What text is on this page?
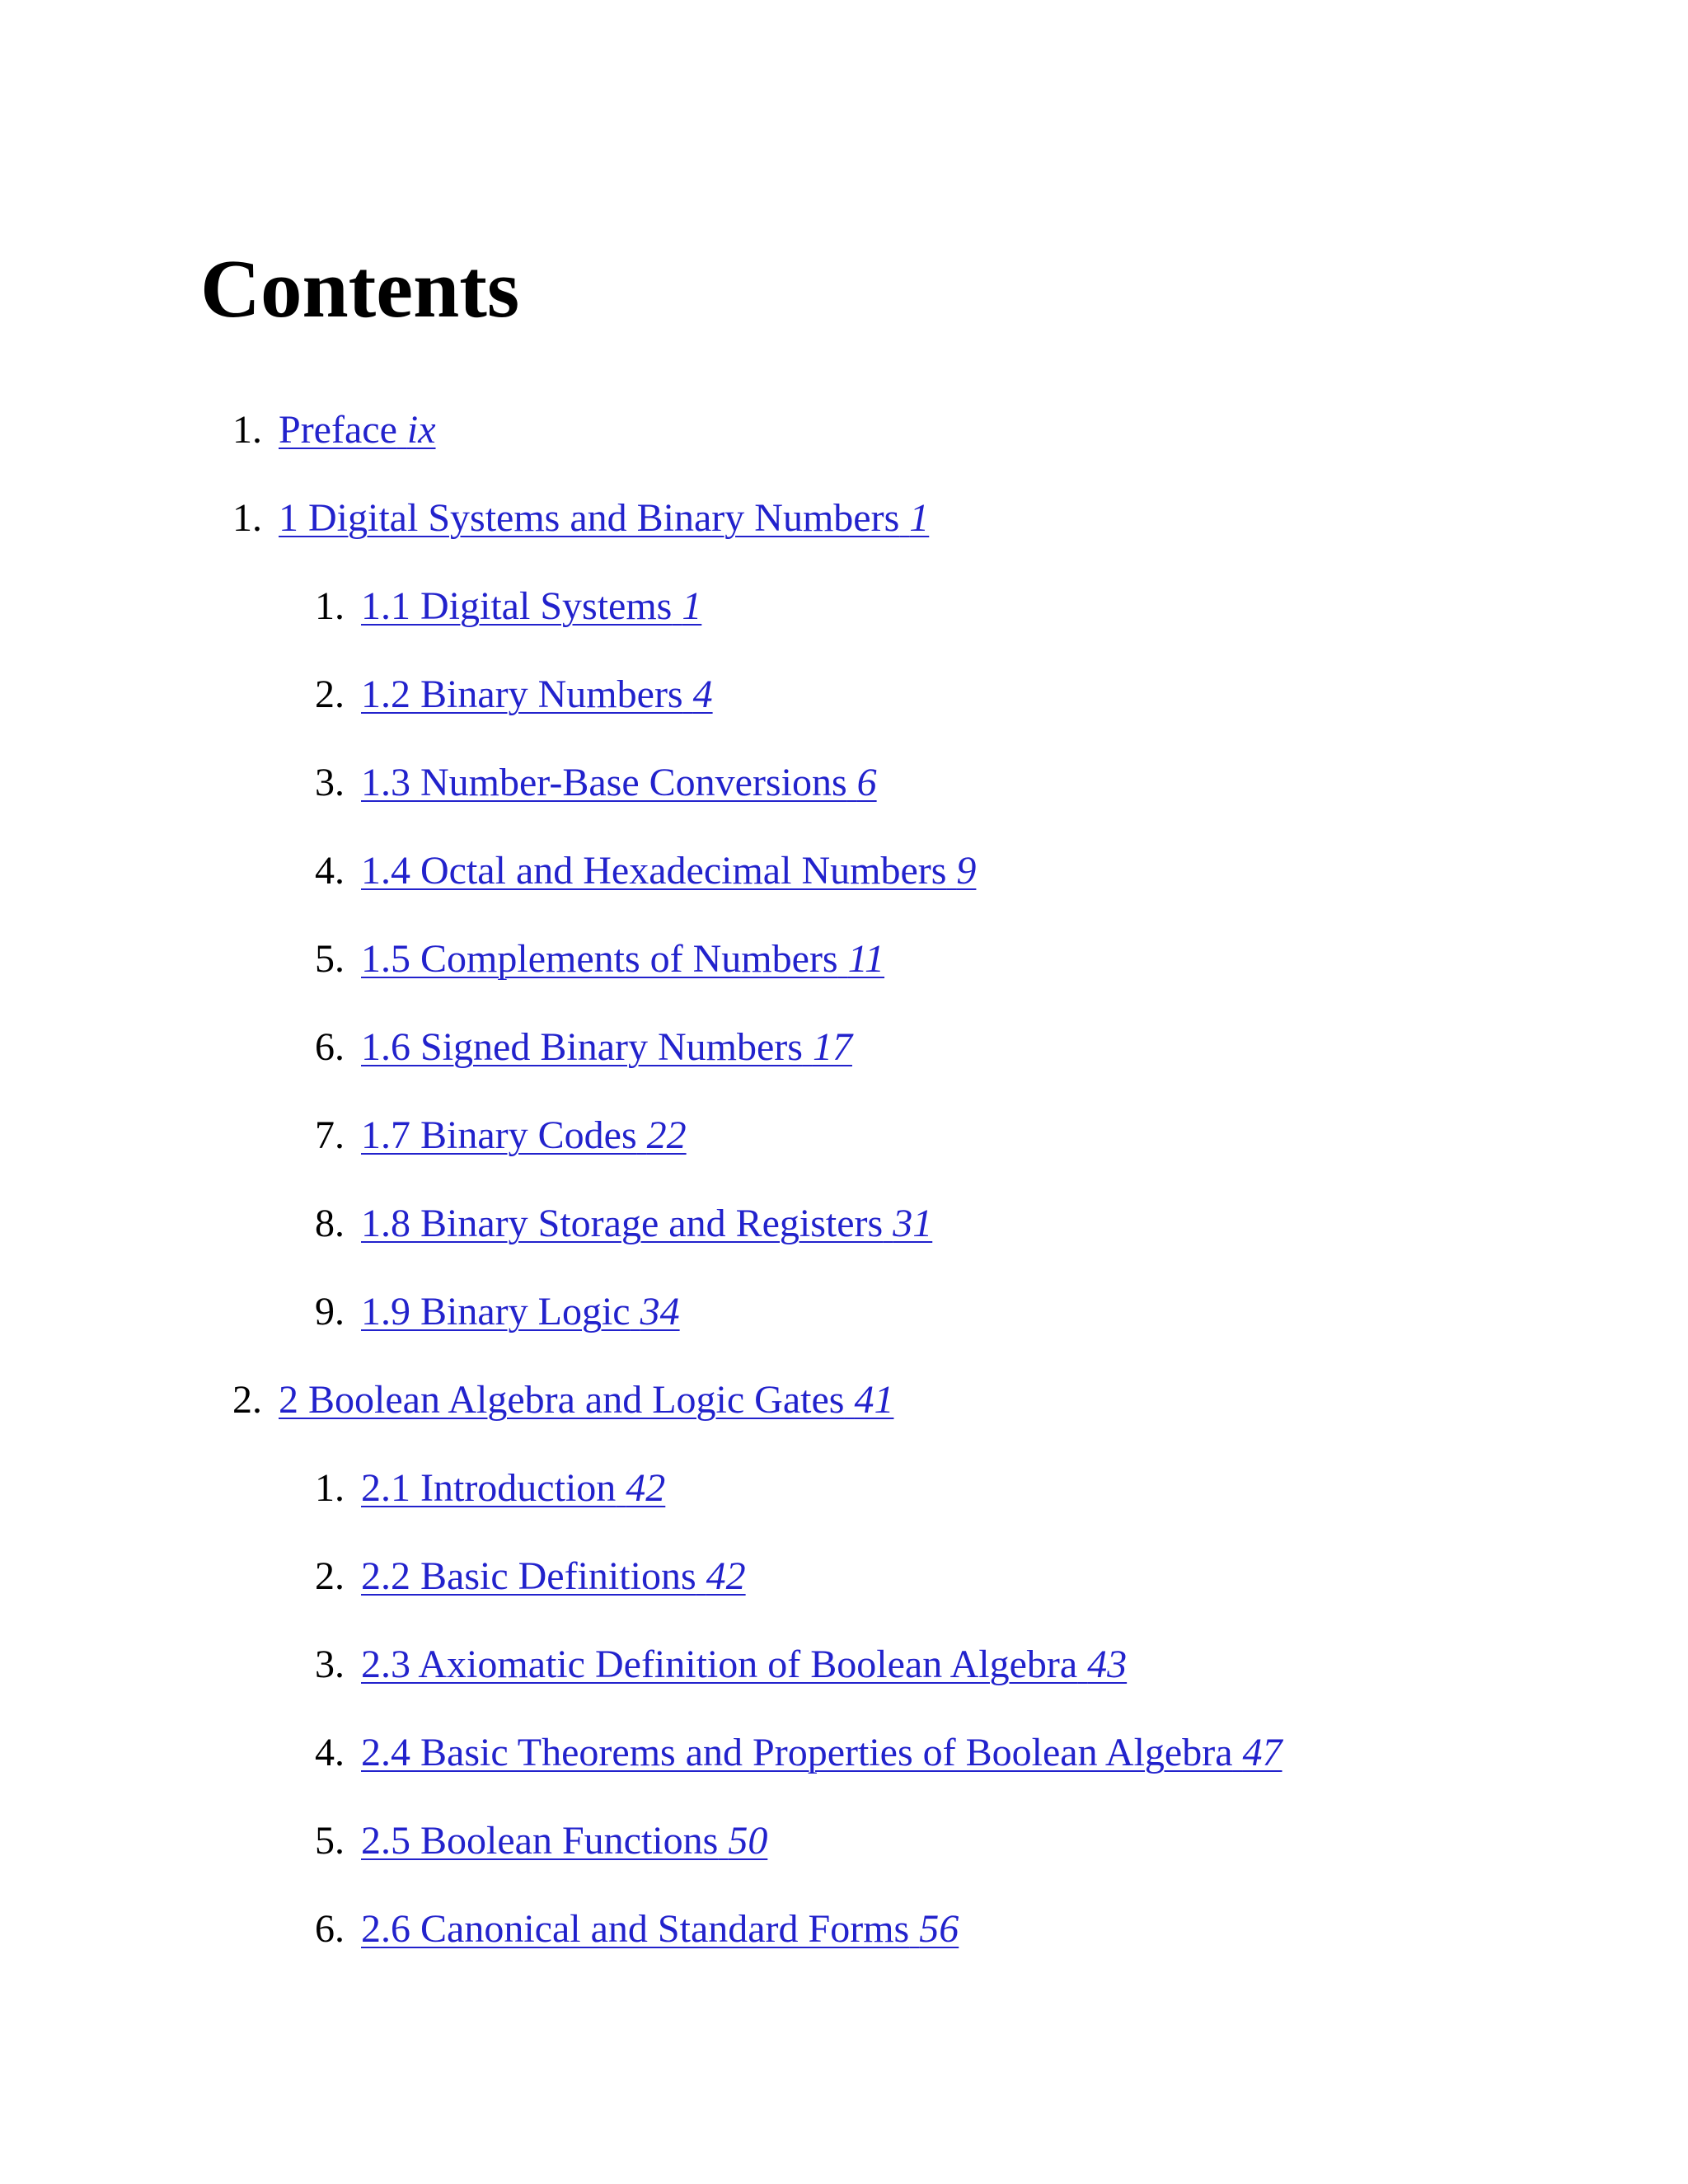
Contents
1. Preface ix
1. 1 Digital Systems and Binary Numbers 1
1. 1.1 Digital Systems 1
2. 1.2 Binary Numbers 4
3. 1.3 Number-Base Conversions 6
4. 1.4 Octal and Hexadecimal Numbers 9
5. 1.5 Complements of Numbers 11
6. 1.6 Signed Binary Numbers 17
7. 1.7 Binary Codes 22
8. 1.8 Binary Storage and Registers 31
9. 1.9 Binary Logic 34
2. 2 Boolean Algebra and Logic Gates 41
1. 2.1 Introduction 42
2. 2.2 Basic Definitions 42
3. 2.3 Axiomatic Definition of Boolean Algebra 43
4. 2.4 Basic Theorems and Properties of Boolean Algebra 47
5. 2.5 Boolean Functions 50
6. 2.6 Canonical and Standard Forms 56
